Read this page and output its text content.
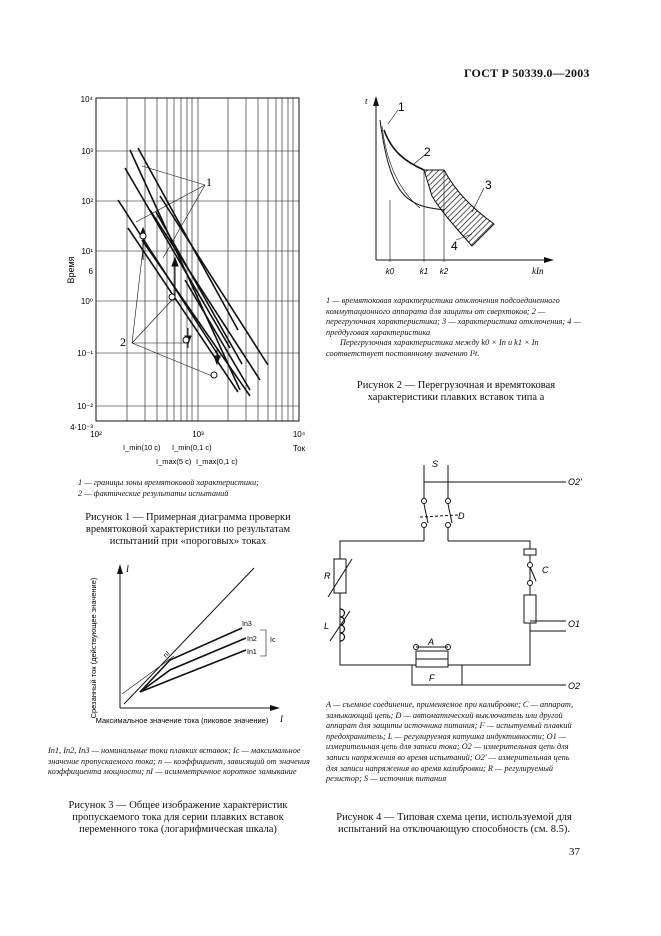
ГОСТ Р 50339.0—2003
10⁴
10³
10²
10¹
6
10⁰
10⁻¹
10⁻²
4·10⁻³
Время
10²	10³	10⁴
Ток
1
2
I_min(10 c) I_min(0,1 c)
I_max(5 c) I_max(0,1 c)

1 — границы зоны времятоковой характеристики;

2 — фактические результаты испытаний

Рисунок 1 — Примерная диаграмма проверки времятоковой характеристики по результатам испытаний при «пороговых» токах
t
kIn
k0	k1 k2
1
2
3
4

1 — времятоковая характеристика отключения подсоединенного коммутационного аппарата для защиты от сверхтоков; 2 — перегрузочная характеристика; 3 — характеристика отключения; 4 — преддуговая характеристика

Перегрузочная характеристика между k0 × In и k1 × In соответствует постоянному значению I²t.

Рисунок 2 — Перегрузочная и времятоковая характеристики плавких вставок типа a
I
I
Срезанный ток (действующее значение)
Максимальное значение тока (пиковое значение)
In3
In2
In1
Ic
nI
In1, In2, In3 — номинальные токи плавких вставок; Ic — максимальное значение пропускаемого тока; n — коэффициент, зависящий от значения коэффициента мощности; nI — асимметричное короткое замыкание
Рисунок 3 — Общее изображение характеристик пропускаемого тока для серии плавких вставок переменного тока (логарифмическая шкала)
S
O2'
D
R
L
C
O1
A
F
O2
A — съемное соединение, применяемое при калибровке; C — аппарат, замыкающий цепь; D — автоматический выключатель или другой аппарат для защиты источника питания; F — испытуемый плавкий предохранитель; L — регулируемая катушка индуктивности; O1 — измерительная цепь для записи тока; O2 — измерительная цепь для записи напряжения во время испытаний; O2' — измерительная цепь для записи напряжения во время калибровки; R — регулируемый резистор; S — источник питания
Рисунок 4 — Типовая схема цепи, используемой для испытаний на отключающую способность (см. 8.5).
37
